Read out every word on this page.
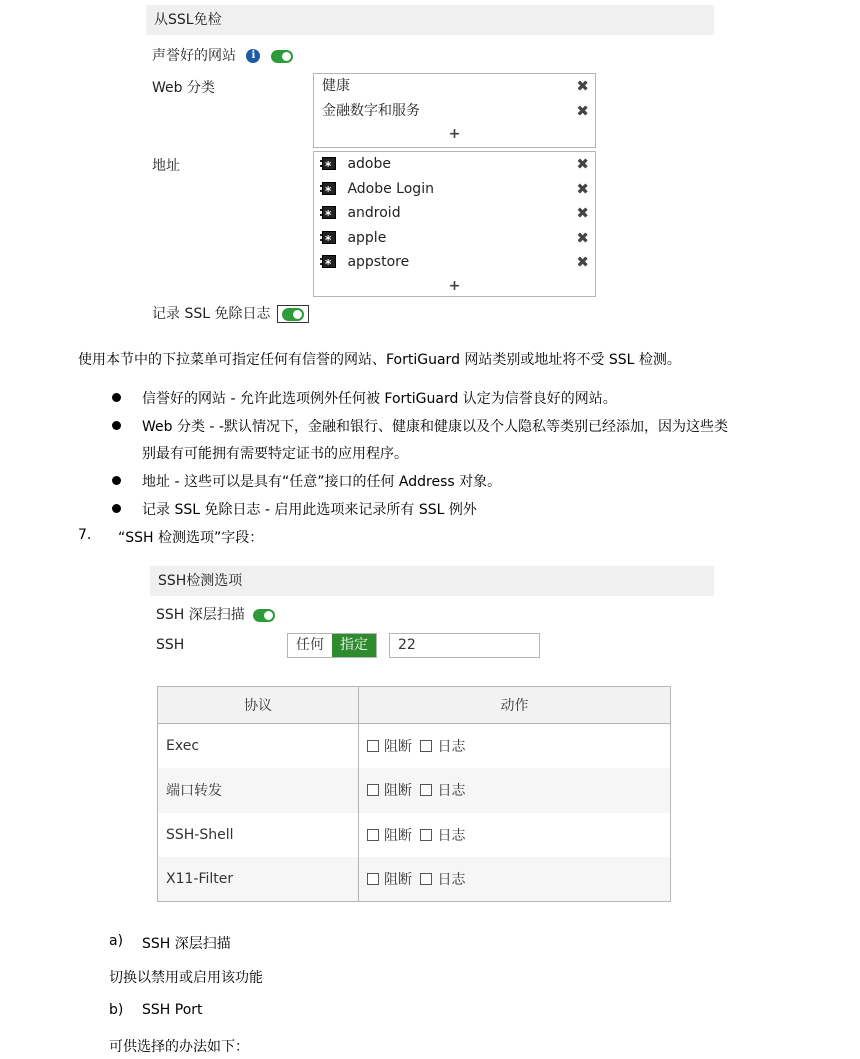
从SSL免检
声誉好的网站 i
Web 分类	健康	✖
金融数字和服务	✖
+
地址 *	adobe	✖
* Adobe Login	✖
* android	✖
* apple	✖
* appstore	✖
+
记录 SSL 免除日志
使用本节中的下拉菜单可指定任何有信誉的网站、FortiGuard 网站类别或地址将不受 SSL 检测。
信誉好的网站 - 允许此选项例外任何被 FortiGuard 认定为信誉良好的网站。
Web 分类 - -默认情况下，金融和银行、健康和健康以及个人隐私等类别已经添加，因为这些类
别最有可能拥有需要特定证书的应用程序。
地址 - 这些可以是具有“任意”接口的任何 Address 对象。
记录 SSL 免除日志 - 启用此选项来记录所有 SSL 例外
7. “SSH 检测选项”字段：
SSH检测选项
SSH 深层扫描
SSH	任何	指定	22
协议	动作
Exec	阻断 日志
端口转发	阻断 日志
SSH-Shell	阻断 日志
X11-Filter	阻断 日志
a) SSH 深层扫描
切换以禁用或启用该功能
b) SSH Port
可供选择的办法如下：
